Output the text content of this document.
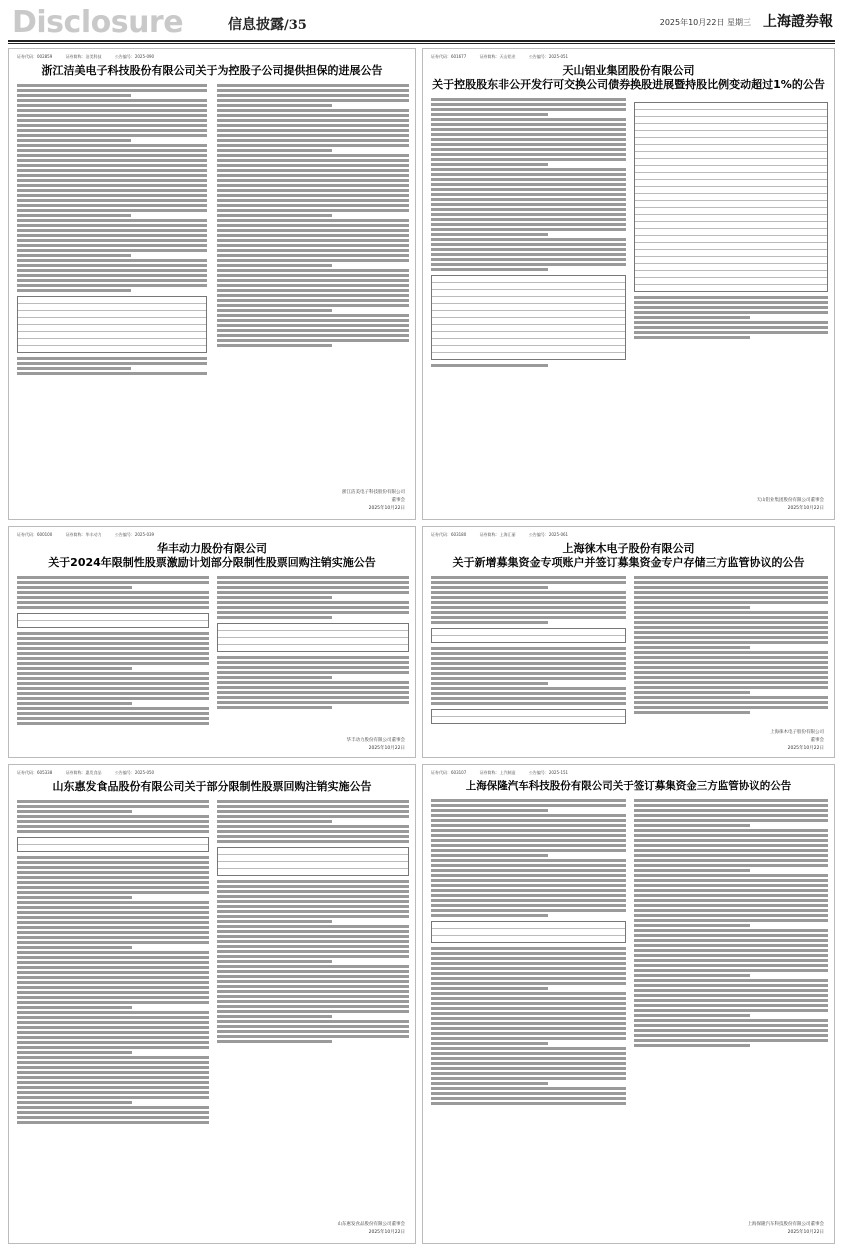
Disclosure	信息披露/35	2025年10月22日 星期三 上海證券報
证券代码：002859	证券简称：洁美科技	公告编号：2025-090
浙江洁美电子科技股份有限公司关于为控股子公司提供担保的进展公告
浙江洁美电子科技股份有限公司
董事会
2025年10月22日
证券代码：601677	证券简称：天山铝业	公告编号：2025-051
天山铝业集团股份有限公司
关于控股股东非公开发行可交换公司债券换股进展暨持股比例变动超过1%的公告
天山铝业集团股份有限公司董事会
2025年10月22日
证券代码：600100	证券简称：华丰动力	公告编号：2025-039
华丰动力股份有限公司
关于2024年限制性股票激励计划部分限制性股票回购注销实施公告
华丰动力股份有限公司董事会
2025年10月22日
证券代码：603180	证券简称：上海汇丽	公告编号：2025-061
上海徕木电子股份有限公司
关于新增募集资金专项账户并签订募集资金专户存储三方监管协议的公告
上海徕木电子股份有限公司
董事会
2025年10月22日
证券代码：605338	证券简称：惠发食品	公告编号：2025-050
山东惠发食品股份有限公司关于部分限制性股票回购注销实施公告
山东惠发食品股份有限公司董事会
2025年10月22日
证券代码：603107	证券简称：上汽制造	公告编号：2025-151
上海保隆汽车科技股份有限公司关于签订募集资金三方监管协议的公告
上海保隆汽车科技股份有限公司董事会
2025年10月22日
